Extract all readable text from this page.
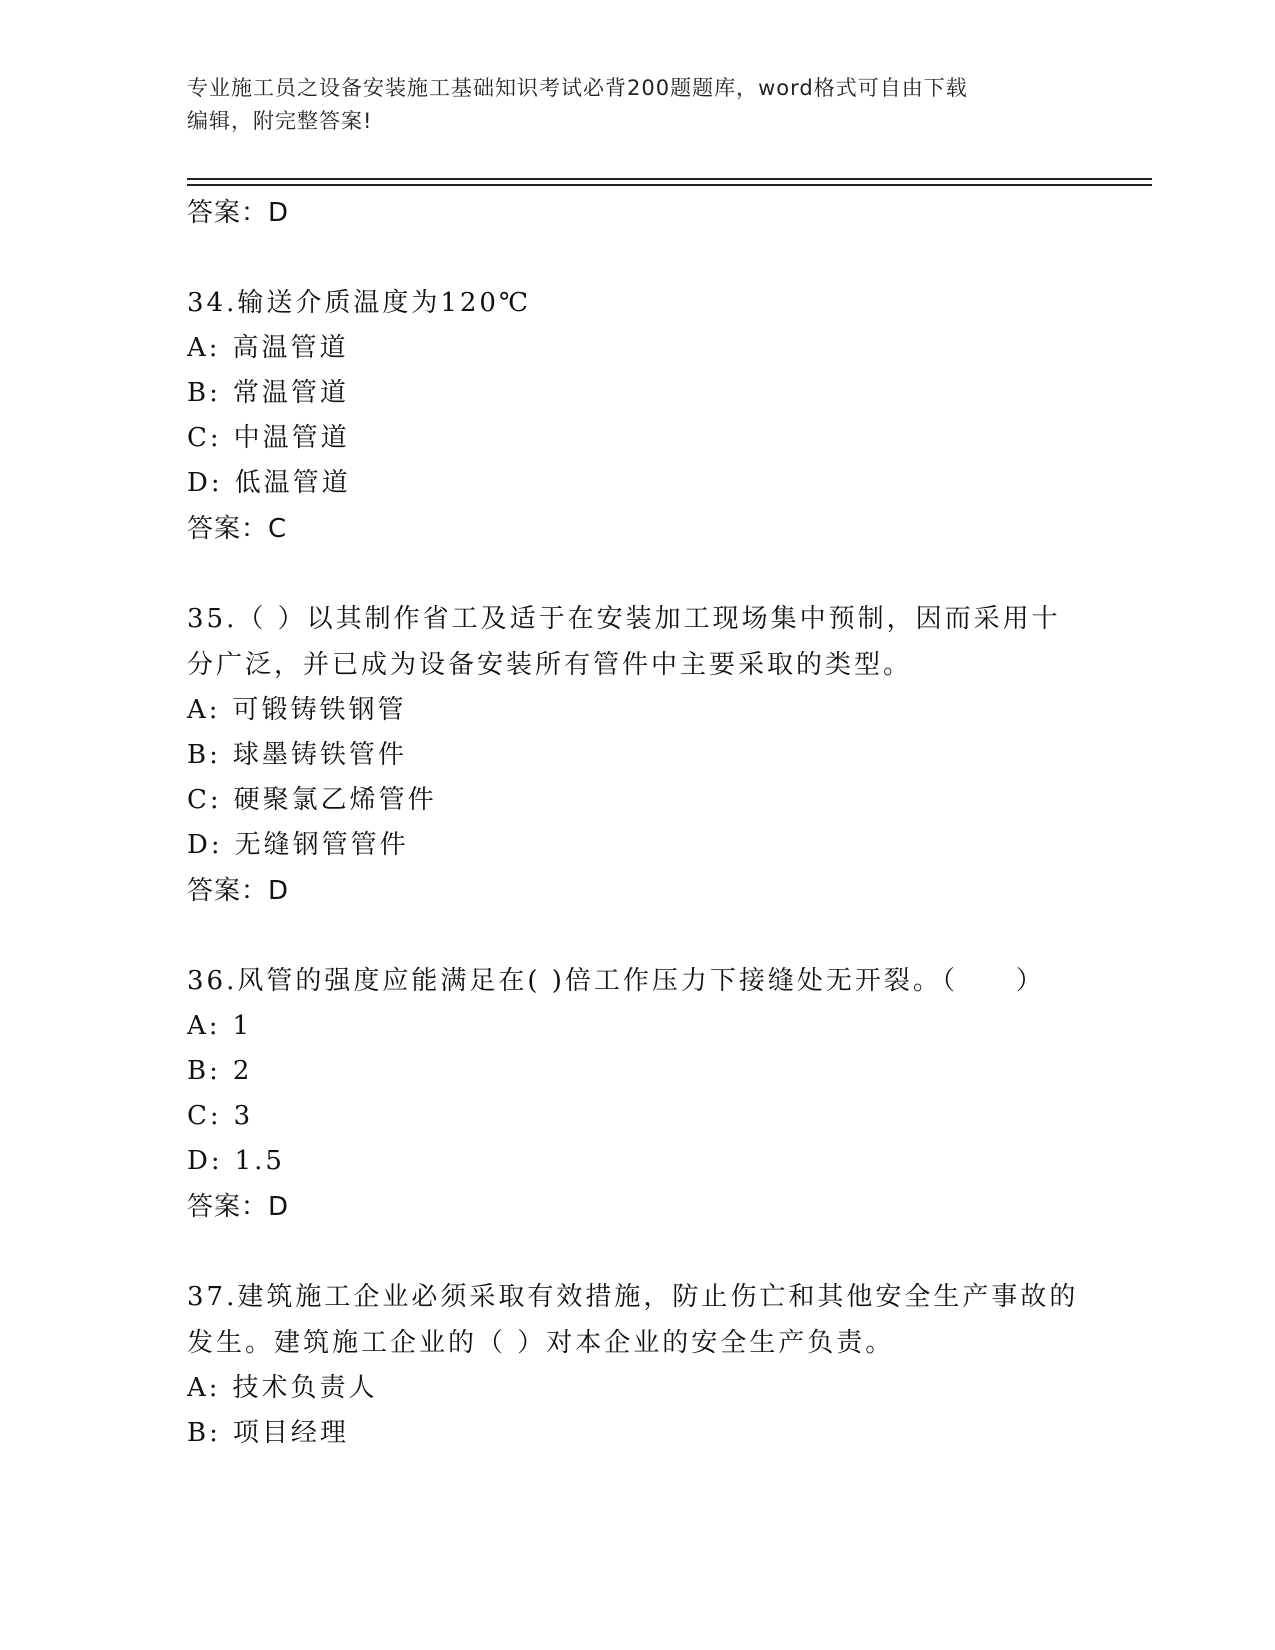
专业施工员之设备安装施工基础知识考试必背200题题库，word格式可自由下载
编辑，附完整答案!
答案：D
34.输送介质温度为120℃
A: 高温管道
B: 常温管道
C: 中温管道
D: 低温管道
答案：C
35.（ ）以其制作省工及适于在安装加工现场集中预制，因而采用十分广泛，并已成为设备安装所有管件中主要采取的类型。
A: 可锻铸铁钢管
B: 球墨铸铁管件
C: 硬聚氯乙烯管件
D: 无缝钢管管件
答案：D
36.风管的强度应能满足在( )倍工作压力下接缝处无开裂。（　　）
A: 1
B: 2
C: 3
D: 1.5
答案：D
37.建筑施工企业必须采取有效措施，防止伤亡和其他安全生产事故的发生。建筑施工企业的（ ）对本企业的安全生产负责。
A: 技术负责人
B: 项目经理
